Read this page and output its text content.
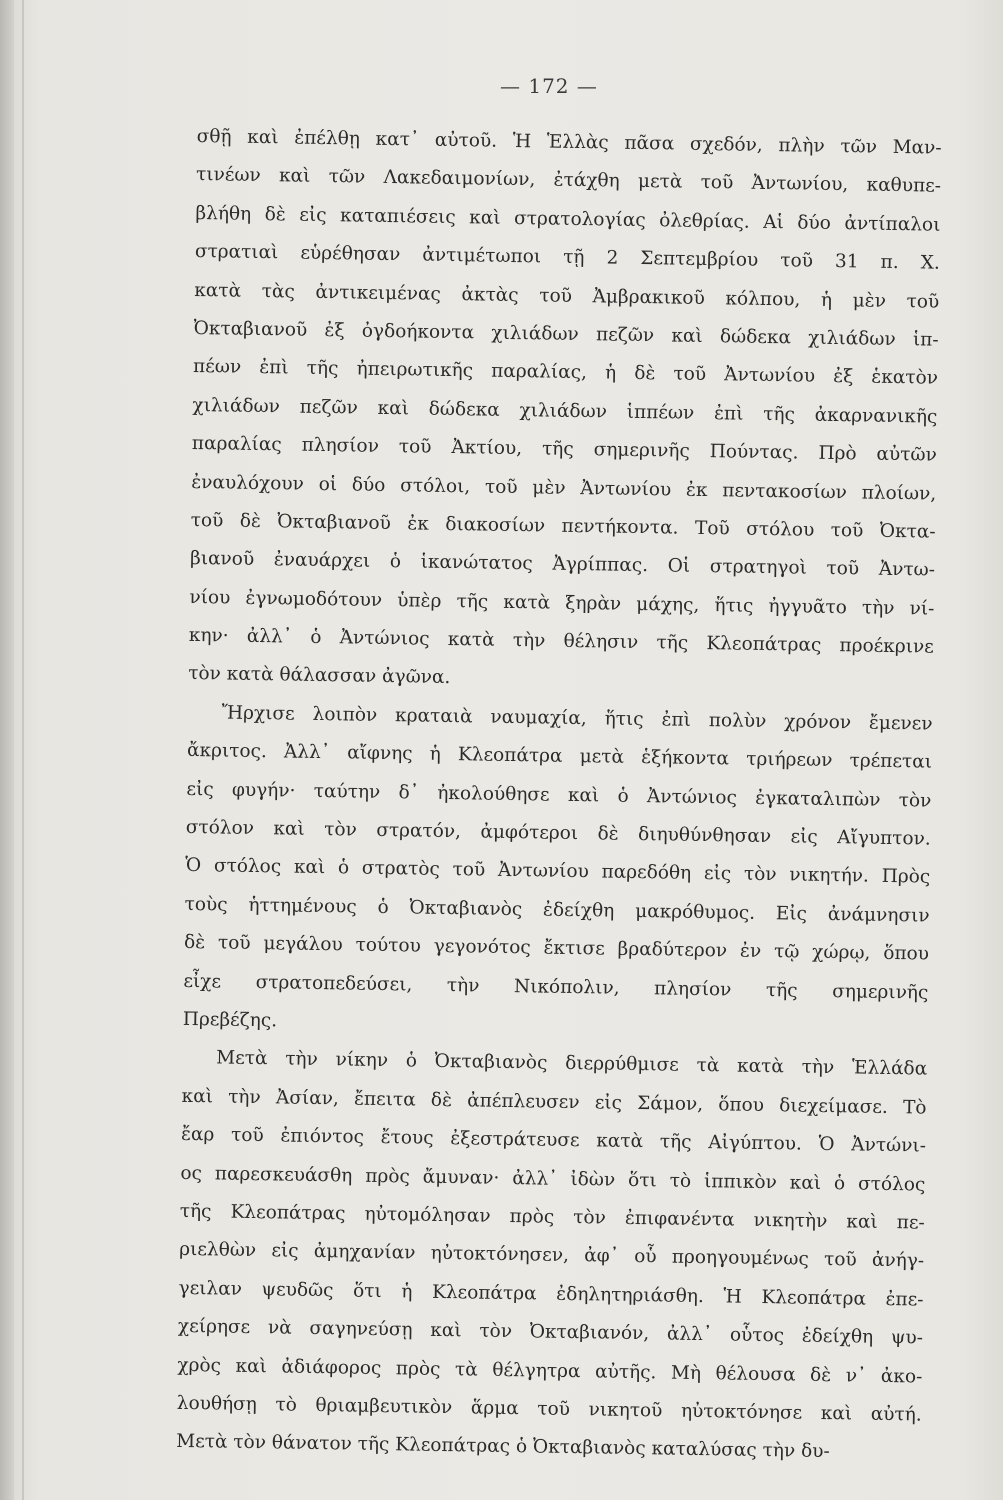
— 172 —
σθῇ καὶ ἐπέλθῃ κατ᾽ αὐτοῦ. Ἡ Ἑλλὰς πᾶσα σχεδόν, πλὴν τῶν Μαν-
τινέων καὶ τῶν Λακεδαιμονίων, ἐτάχθη μετὰ τοῦ Ἀντωνίου, καθυπε-
βλήθη δὲ εἰς καταπιέσεις καὶ στρατολογίας ὀλεθρίας. Αἱ δύο ἀντίπαλοι
στρατιαὶ εὑρέθησαν ἀντιμέτωποι τῇ 2 Σεπτεμβρίου τοῦ 31 π. Χ.
κατὰ τὰς ἀντικειμένας ἀκτὰς τοῦ Ἀμβρακικοῦ κόλπου, ἡ μὲν τοῦ
Ὀκταβιανοῦ ἐξ ὀγδοήκοντα χιλιάδων πεζῶν καὶ δώδεκα χιλιάδων ἱπ-
πέων ἐπὶ τῆς ἠπειρωτικῆς παραλίας, ἡ δὲ τοῦ Ἀντωνίου ἐξ ἑκατὸν
χιλιάδων πεζῶν καὶ δώδεκα χιλιάδων ἱππέων ἐπὶ τῆς ἀκαρνανικῆς
παραλίας πλησίον τοῦ Ἀκτίου, τῆς σημερινῆς Πούντας. Πρὸ αὐτῶν
ἐναυλόχουν οἱ δύο στόλοι, τοῦ μὲν Ἀντωνίου ἐκ πεντακοσίων πλοίων,
τοῦ δὲ Ὀκταβιανοῦ ἐκ διακοσίων πεντήκοντα. Τοῦ στόλου τοῦ Ὀκτα-
βιανοῦ ἐναυάρχει ὁ ἱκανώτατος Ἀγρίππας. Οἱ στρατηγοὶ τοῦ Ἀντω-
νίου ἐγνωμοδότουν ὑπὲρ τῆς κατὰ ξηρὰν μάχης, ἥτις ἠγγυᾶτο τὴν νί-
κην· ἀλλ᾽ ὁ Ἀντώνιος κατὰ τὴν θέλησιν τῆς Κλεοπάτρας προέκρινε
τὸν κατὰ θάλασσαν ἀγῶνα.
Ἤρχισε λοιπὸν κραταιὰ ναυμαχία, ἥτις ἐπὶ πολὺν χρόνον ἔμενεν
ἄκριτος. Ἀλλ᾽ αἴφνης ἡ Κλεοπάτρα μετὰ ἑξήκοντα τριήρεων τρέπεται
εἰς φυγήν· ταύτην δ᾽ ἠκολούθησε καὶ ὁ Ἀντώνιος ἐγκαταλιπὼν τὸν
στόλον καὶ τὸν στρατόν, ἀμφότεροι δὲ διηυθύνθησαν εἰς Αἴγυπτον.
Ὁ στόλος καὶ ὁ στρατὸς τοῦ Ἀντωνίου παρεδόθη εἰς τὸν νικητήν. Πρὸς
τοὺς ἡττημένους ὁ Ὀκταβιανὸς ἐδείχθη μακρόθυμος. Εἰς ἀνάμνησιν
δὲ τοῦ μεγάλου τούτου γεγονότος ἔκτισε βραδύτερον ἐν τῷ χώρῳ, ὅπου
εἶχε στρατοπεδεύσει, τὴν Νικόπολιν, πλησίον τῆς σημερινῆς
Πρεβέζης.
Μετὰ τὴν νίκην ὁ Ὀκταβιανὸς διερρύθμισε τὰ κατὰ τὴν Ἑλλάδα
καὶ τὴν Ἀσίαν, ἔπειτα δὲ ἀπέπλευσεν εἰς Σάμον, ὅπου διεχείμασε. Τὸ
ἔαρ τοῦ ἐπιόντος ἔτους ἐξεστράτευσε κατὰ τῆς Αἰγύπτου. Ὁ Ἀντώνι-
ος παρεσκευάσθη πρὸς ἄμυναν· ἀλλ᾽ ἰδὼν ὅτι τὸ ἱππικὸν καὶ ὁ στόλος
τῆς Κλεοπάτρας ηὐτομόλησαν πρὸς τὸν ἐπιφανέντα νικητὴν καὶ πε-
ριελθὼν εἰς ἀμηχανίαν ηὐτοκτόνησεν, ἀφ᾽ οὗ προηγουμένως τοῦ ἀνήγ-
γειλαν ψευδῶς ὅτι ἡ Κλεοπάτρα ἐδηλητηριάσθη. Ἡ Κλεοπάτρα ἐπε-
χείρησε νὰ σαγηνεύσῃ καὶ τὸν Ὀκταβιανόν, ἀλλ᾽ οὗτος ἐδείχθη ψυ-
χρὸς καὶ ἀδιάφορος πρὸς τὰ θέλγητρα αὐτῆς. Μὴ θέλουσα δὲ ν᾽ ἀκο-
λουθήσῃ τὸ θριαμβευτικὸν ἅρμα τοῦ νικητοῦ ηὐτοκτόνησε καὶ αὐτή.
Μετὰ τὸν θάνατον τῆς Κλεοπάτρας ὁ Ὀκταβιανὸς καταλύσας τὴν δυ-
